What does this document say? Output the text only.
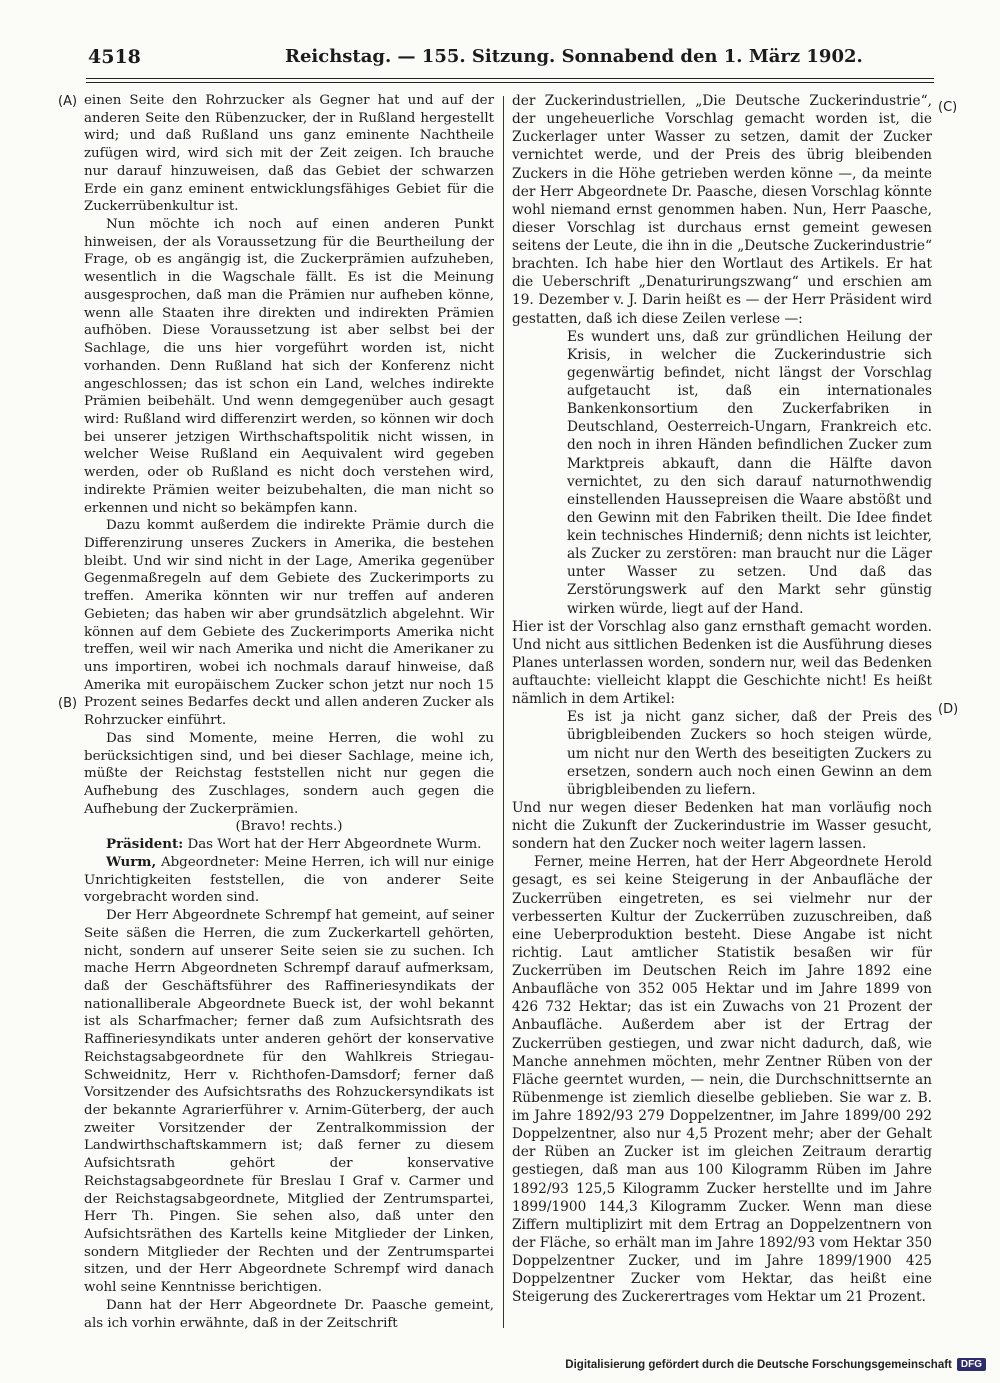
4518	Reichstag. — 155. Sitzung. Sonnabend den 1. März 1902.
(A)
(B)
(C)
(D)

einen Seite den Rohrzucker als Gegner hat und auf der anderen Seite den Rübenzucker, der in Rußland hergestellt wird; und daß Rußland uns ganz eminente Nachtheile zufügen wird, wird sich mit der Zeit zeigen. Ich brauche nur darauf hinzuweisen, daß das Gebiet der schwarzen Erde ein ganz eminent entwicklungsfähiges Gebiet für die Zuckerrübenkultur ist.

Nun möchte ich noch auf einen anderen Punkt hinweisen, der als Voraussetzung für die Beurtheilung der Frage, ob es angängig ist, die Zuckerprämien aufzuheben, wesentlich in die Wagschale fällt. Es ist die Meinung ausgesprochen, daß man die Prämien nur aufheben könne, wenn alle Staaten ihre direkten und indirekten Prämien aufhöben. Diese Voraussetzung ist aber selbst bei der Sachlage, die uns hier vorgeführt worden ist, nicht vorhanden. Denn Rußland hat sich der Konferenz nicht angeschlossen; das ist schon ein Land, welches indirekte Prämien beibehält. Und wenn demgegenüber auch gesagt wird: Rußland wird differenzirt werden, so können wir doch bei unserer jetzigen Wirthschaftspolitik nicht wissen, in welcher Weise Rußland ein Aequivalent wird gegeben werden, oder ob Rußland es nicht doch verstehen wird, indirekte Prämien weiter beizubehalten, die man nicht so erkennen und nicht so bekämpfen kann.

Dazu kommt außerdem die indirekte Prämie durch die Differenzirung unseres Zuckers in Amerika, die bestehen bleibt. Und wir sind nicht in der Lage, Amerika gegenüber Gegenmaßregeln auf dem Gebiete des Zuckerimports zu treffen. Amerika könnten wir nur treffen auf anderen Gebieten; das haben wir aber grundsätzlich abgelehnt. Wir können auf dem Gebiete des Zuckerimports Amerika nicht treffen, weil wir nach Amerika und nicht die Amerikaner zu uns importiren, wobei ich nochmals darauf hinweise, daß Amerika mit europäischem Zucker schon jetzt nur noch 15 Prozent seines Bedarfes deckt und allen anderen Zucker als Rohrzucker einführt.

Das sind Momente, meine Herren, die wohl zu berücksichtigen sind, und bei dieser Sachlage, meine ich, müßte der Reichstag feststellen nicht nur gegen die Aufhebung des Zuschlages, sondern auch gegen die Aufhebung der Zuckerprämien.

(Bravo! rechts.)

Präsident: Das Wort hat der Herr Abgeordnete Wurm.

Wurm, Abgeordneter: Meine Herren, ich will nur einige Unrichtigkeiten feststellen, die von anderer Seite vorgebracht worden sind.

Der Herr Abgeordnete Schrempf hat gemeint, auf seiner Seite säßen die Herren, die zum Zuckerkartell gehörten, nicht, sondern auf unserer Seite seien sie zu suchen. Ich mache Herrn Abgeordneten Schrempf darauf aufmerksam, daß der Geschäftsführer des Raffineriesyndikats der nationalliberale Abgeordnete Bueck ist, der wohl bekannt ist als Scharfmacher; ferner daß zum Aufsichtsrath des Raffineriesyndikats unter anderen gehört der konservative Reichstagsabgeordnete für den Wahlkreis Striegau-Schweidnitz, Herr v. Richthofen-Damsdorf; ferner daß Vorsitzender des Aufsichtsraths des Rohzuckersyndikats ist der bekannte Agrarierführer v. Arnim-Güterberg, der auch zweiter Vorsitzender der Zentralkommission der Landwirthschaftskammern ist; daß ferner zu diesem Aufsichtsrath gehört der konservative Reichstagsabgeordnete für Breslau I Graf v. Carmer und der Reichstagsabgeordnete, Mitglied der Zentrumspartei, Herr Th. Pingen. Sie sehen also, daß unter den Aufsichtsräthen des Kartells keine Mitglieder der Linken, sondern Mitglieder der Rechten und der Zentrumspartei sitzen, und der Herr Abgeordnete Schrempf wird danach wohl seine Kenntnisse berichtigen.

Dann hat der Herr Abgeordnete Dr. Paasche gemeint, als ich vorhin erwähnte, daß in der Zeitschrift

der Zuckerindustriellen, „Die Deutsche Zuckerindustrie“, der ungeheuerliche Vorschlag gemacht worden ist, die Zuckerlager unter Wasser zu setzen, damit der Zucker vernichtet werde, und der Preis des übrig bleibenden Zuckers in die Höhe getrieben werden könne —, da meinte der Herr Abgeordnete Dr. Paasche, diesen Vorschlag könnte wohl niemand ernst genommen haben. Nun, Herr Paasche, dieser Vorschlag ist durchaus ernst gemeint gewesen seitens der Leute, die ihn in die „Deutsche Zuckerindustrie“ brachten. Ich habe hier den Wortlaut des Artikels. Er hat die Ueberschrift „Denaturirungszwang“ und erschien am 19. Dezember v. J. Darin heißt es — der Herr Präsident wird gestatten, daß ich diese Zeilen verlese —:

Es wundert uns, daß zur gründlichen Heilung der Krisis, in welcher die Zuckerindustrie sich gegenwärtig befindet, nicht längst der Vorschlag aufgetaucht ist, daß ein internationales Bankenkonsortium den Zuckerfabriken in Deutschland, Oesterreich-Ungarn, Frankreich etc. den noch in ihren Händen befindlichen Zucker zum Marktpreis abkauft, dann die Hälfte davon vernichtet, zu den sich darauf naturnothwendig einstellenden Haussepreisen die Waare abstößt und den Gewinn mit den Fabriken theilt. Die Idee findet kein technisches Hinderniß; denn nichts ist leichter, als Zucker zu zerstören: man braucht nur die Läger unter Wasser zu setzen. Und daß das Zerstörungswerk auf den Markt sehr günstig wirken würde, liegt auf der Hand.

Hier ist der Vorschlag also ganz ernsthaft gemacht worden. Und nicht aus sittlichen Bedenken ist die Ausführung dieses Planes unterlassen worden, sondern nur, weil das Bedenken auftauchte: vielleicht klappt die Geschichte nicht! Es heißt nämlich in dem Artikel:

Es ist ja nicht ganz sicher, daß der Preis des übrigbleibenden Zuckers so hoch steigen würde, um nicht nur den Werth des beseitigten Zuckers zu ersetzen, sondern auch noch einen Gewinn an dem übrigbleibenden zu liefern.

Und nur wegen dieser Bedenken hat man vorläufig noch nicht die Zukunft der Zuckerindustrie im Wasser gesucht, sondern hat den Zucker noch weiter lagern lassen.

Ferner, meine Herren, hat der Herr Abgeordnete Herold gesagt, es sei keine Steigerung in der Anbaufläche der Zuckerrüben eingetreten, es sei vielmehr nur der verbesserten Kultur der Zuckerrüben zuzuschreiben, daß eine Ueberproduktion besteht. Diese Angabe ist nicht richtig. Laut amtlicher Statistik besaßen wir für Zuckerrüben im Deutschen Reich im Jahre 1892 eine Anbaufläche von 352 005 Hektar und im Jahre 1899 von 426 732 Hektar; das ist ein Zuwachs von 21 Prozent der Anbaufläche. Außerdem aber ist der Ertrag der Zuckerrüben gestiegen, und zwar nicht dadurch, daß, wie Manche annehmen möchten, mehr Zentner Rüben von der Fläche geerntet wurden, — nein, die Durchschnittsernte an Rübenmenge ist ziemlich dieselbe geblieben. Sie war z. B. im Jahre 1892/93 279 Doppelzentner, im Jahre 1899/00 292 Doppelzentner, also nur 4,5 Prozent mehr; aber der Gehalt der Rüben an Zucker ist im gleichen Zeitraum derartig gestiegen, daß man aus 100 Kilogramm Rüben im Jahre 1892/93 125,5 Kilogramm Zucker herstellte und im Jahre 1899/1900 144,3 Kilogramm Zucker. Wenn man diese Ziffern multiplizirt mit dem Ertrag an Doppelzentnern von der Fläche, so erhält man im Jahre 1892/93 vom Hektar 350 Doppelzentner Zucker, und im Jahre 1899/1900 425 Doppelzentner Zucker vom Hektar, das heißt eine Steigerung des Zuckerertrages vom Hektar um 21 Prozent.

Digitalisierung gefördert durch die Deutsche Forschungsgemeinschaft DFG
